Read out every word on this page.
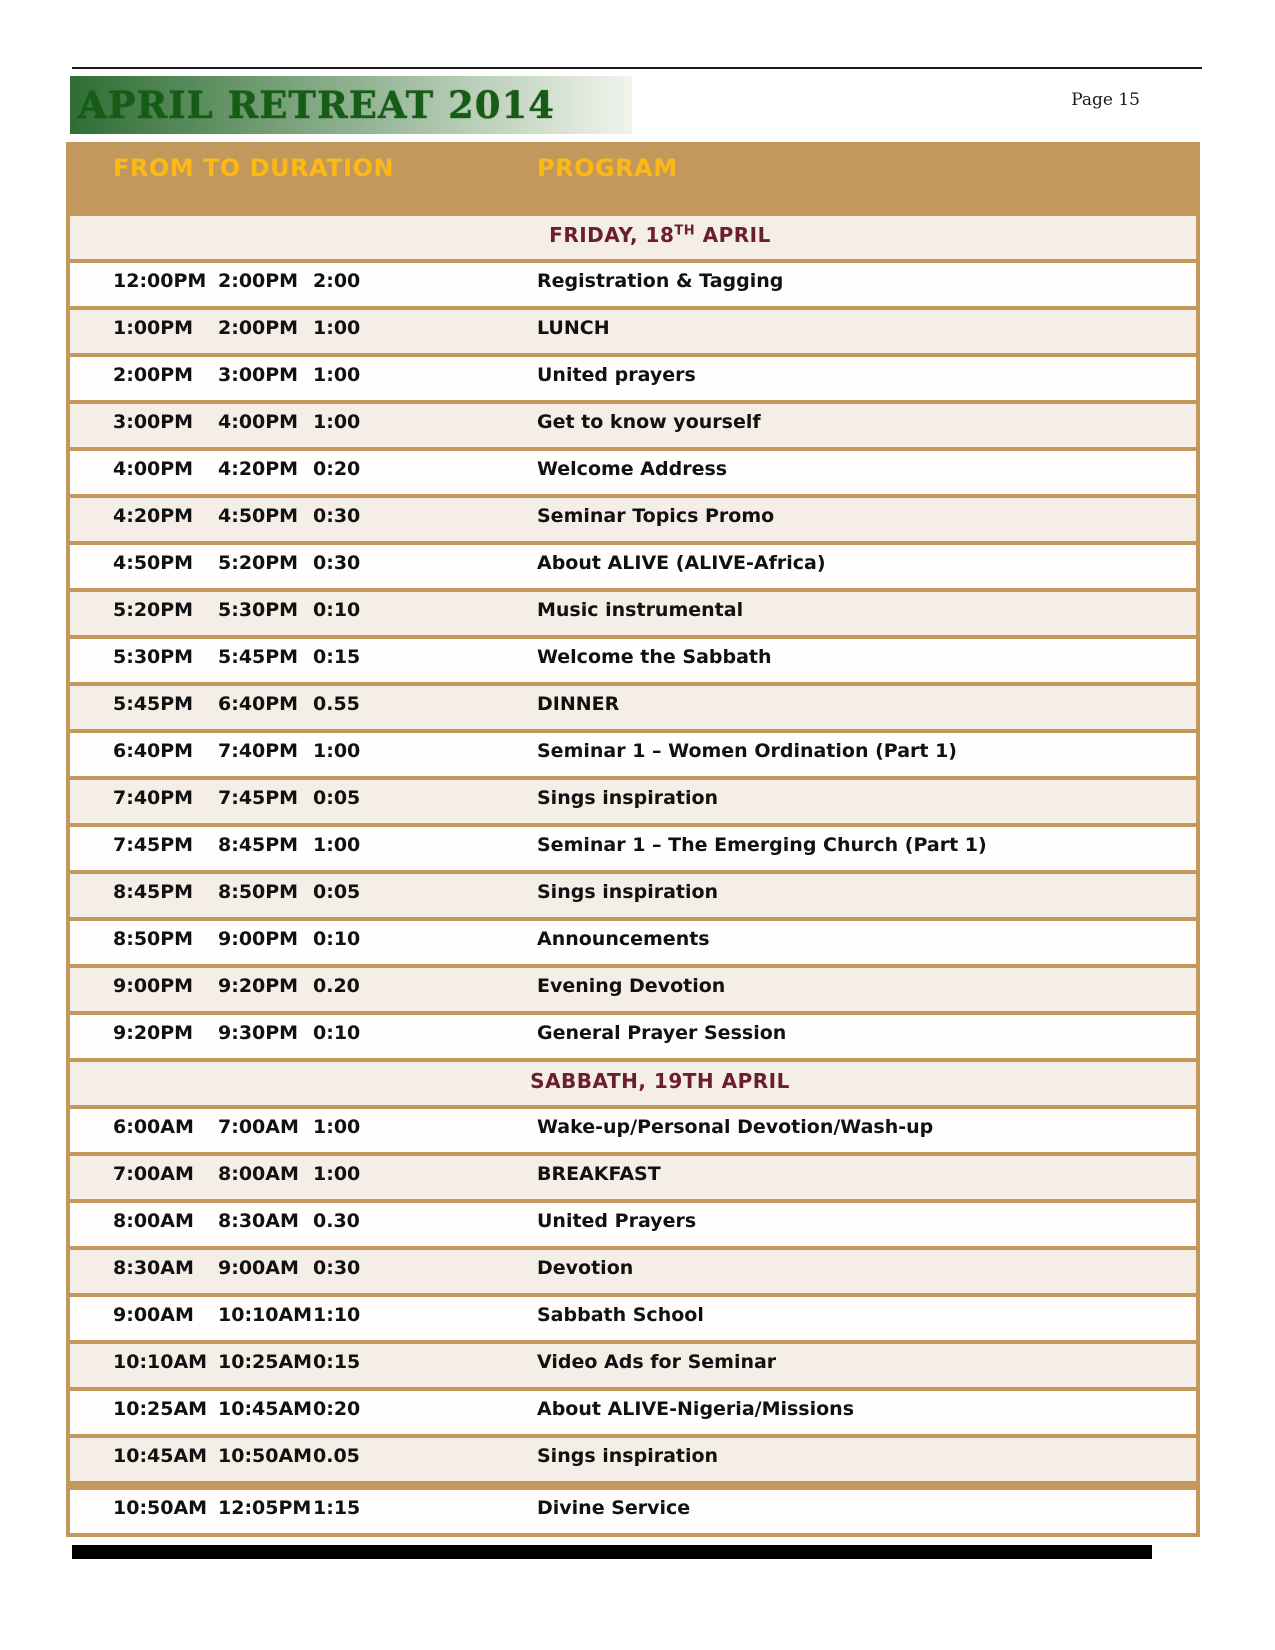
APRIL RETREAT 2014	Page 15
FROM TO DURATION	PROGRAM
FRIDAY, 18TH APRIL
12:00PM 2:00PM 2:00	Registration & Tagging
1:00PM 2:00PM 1:00	LUNCH
2:00PM 3:00PM 1:00	United prayers
3:00PM 4:00PM 1:00	Get to know yourself
4:00PM 4:20PM 0:20	Welcome Address
4:20PM 4:50PM 0:30	Seminar Topics Promo
4:50PM 5:20PM 0:30	About ALIVE (ALIVE-Africa)
5:20PM 5:30PM 0:10	Music instrumental
5:30PM 5:45PM 0:15	Welcome the Sabbath
5:45PM 6:40PM 0.55	DINNER
6:40PM 7:40PM 1:00	Seminar 1 – Women Ordination (Part 1)
7:40PM 7:45PM 0:05	Sings inspiration
7:45PM 8:45PM 1:00	Seminar 1 – The Emerging Church (Part 1)
8:45PM 8:50PM 0:05	Sings inspiration
8:50PM 9:00PM 0:10	Announcements
9:00PM 9:20PM 0.20	Evening Devotion
9:20PM 9:30PM 0:10	General Prayer Session
SABBATH, 19TH APRIL
6:00AM 7:00AM 1:00	Wake-up/Personal Devotion/Wash-up
7:00AM 8:00AM 1:00	BREAKFAST
8:00AM 8:30AM 0.30	United Prayers
8:30AM 9:00AM 0:30	Devotion
9:00AM 10:10AM 1:10	Sabbath School
10:10AM 10:25AM 0:15	Video Ads for Seminar
10:25AM 10:45AM 0:20	About ALIVE-Nigeria/Missions
10:45AM 10:50AM 0.05	Sings inspiration
10:50AM 12:05PM 1:15	Divine Service
